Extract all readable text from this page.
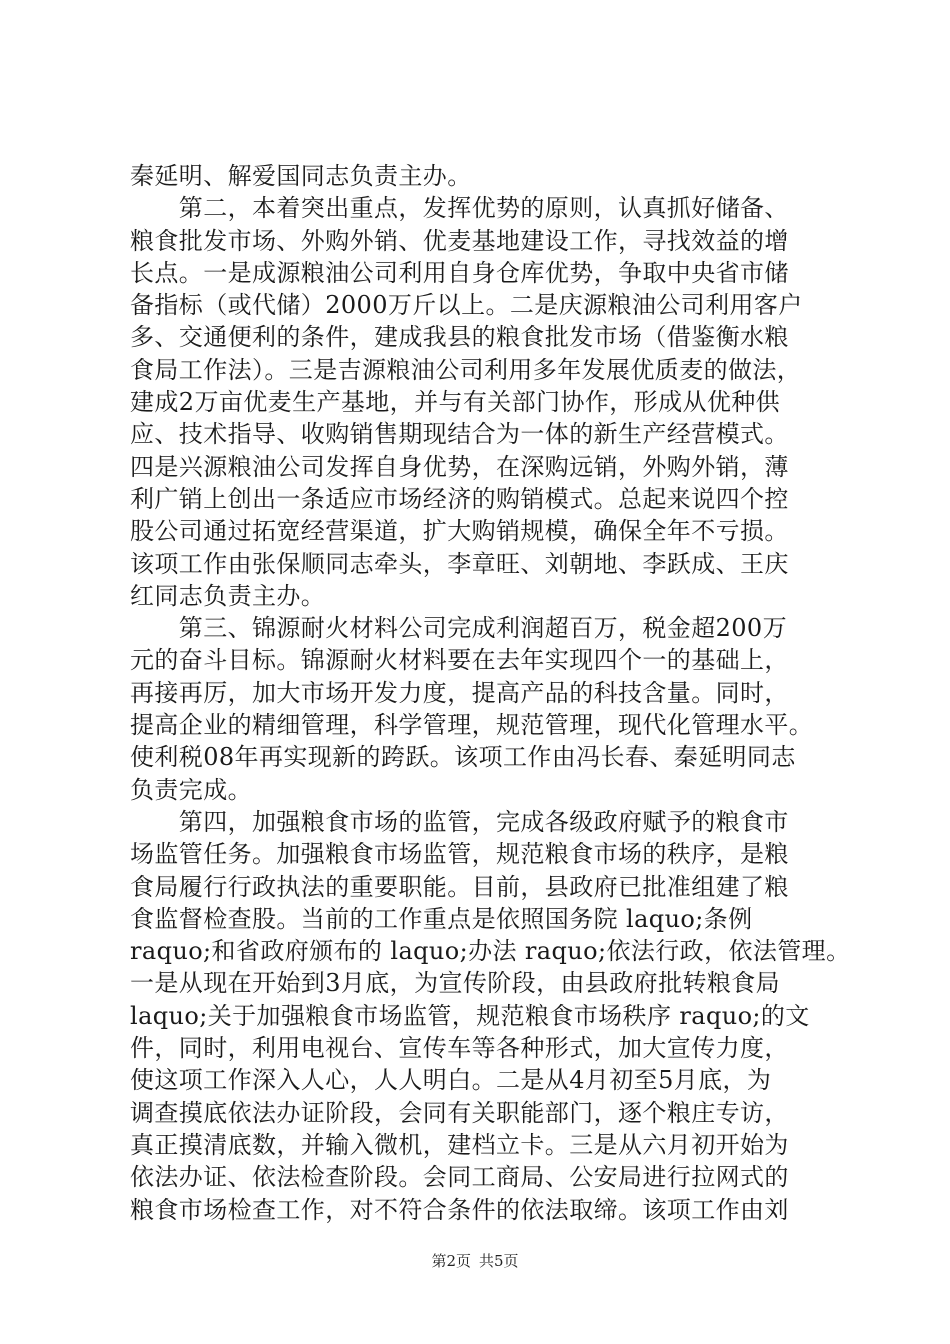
秦延明、解爱国同志负责主办。
　　第二，本着突出重点，发挥优势的原则，认真抓好储备、
粮食批发市场、外购外销、优麦基地建设工作，寻找效益的增
长点。一是成源粮油公司利用自身仓库优势，争取中央省市储
备指标（或代储）2000万斤以上。二是庆源粮油公司利用客户
多、交通便利的条件，建成我县的粮食批发市场（借鉴衡水粮
食局工作法）。三是吉源粮油公司利用多年发展优质麦的做法，
建成2万亩优麦生产基地，并与有关部门协作，形成从优种供
应、技术指导、收购销售期现结合为一体的新生产经营模式。
四是兴源粮油公司发挥自身优势，在深购远销，外购外销，薄
利广销上创出一条适应市场经济的购销模式。总起来说四个控
股公司通过拓宽经营渠道，扩大购销规模，确保全年不亏损。
该项工作由张保顺同志牵头，李章旺、刘朝地、李跃成、王庆
红同志负责主办。
　　第三、锦源耐火材料公司完成利润超百万，税金超200万
元的奋斗目标。锦源耐火材料要在去年实现四个一的基础上，
再接再厉，加大市场开发力度，提高产品的科技含量。同时，
提高企业的精细管理，科学管理，规范管理，现代化管理水平。
使利税08年再实现新的跨跃。该项工作由冯长春、秦延明同志
负责完成。
　　第四，加强粮食市场的监管，完成各级政府赋予的粮食市
场监管任务。加强粮食市场监管，规范粮食市场的秩序，是粮
食局履行行政执法的重要职能。目前，县政府已批准组建了粮
食监督检查股。当前的工作重点是依照国务院 laquo;条例
raquo;和省政府颁布的 laquo;办法 raquo;依法行政，依法管理。
一是从现在开始到3月底，为宣传阶段，由县政府批转粮食局
laquo;关于加强粮食市场监管，规范粮食市场秩序 raquo;的文
件，同时，利用电视台、宣传车等各种形式，加大宣传力度，
使这项工作深入人心，人人明白。二是从4月初至5月底，为
调查摸底依法办证阶段，会同有关职能部门，逐个粮庄专访，
真正摸清底数，并输入微机，建档立卡。三是从六月初开始为
依法办证、依法检查阶段。会同工商局、公安局进行拉网式的
粮食市场检查工作，对不符合条件的依法取缔。该项工作由刘
第2页 共5页
